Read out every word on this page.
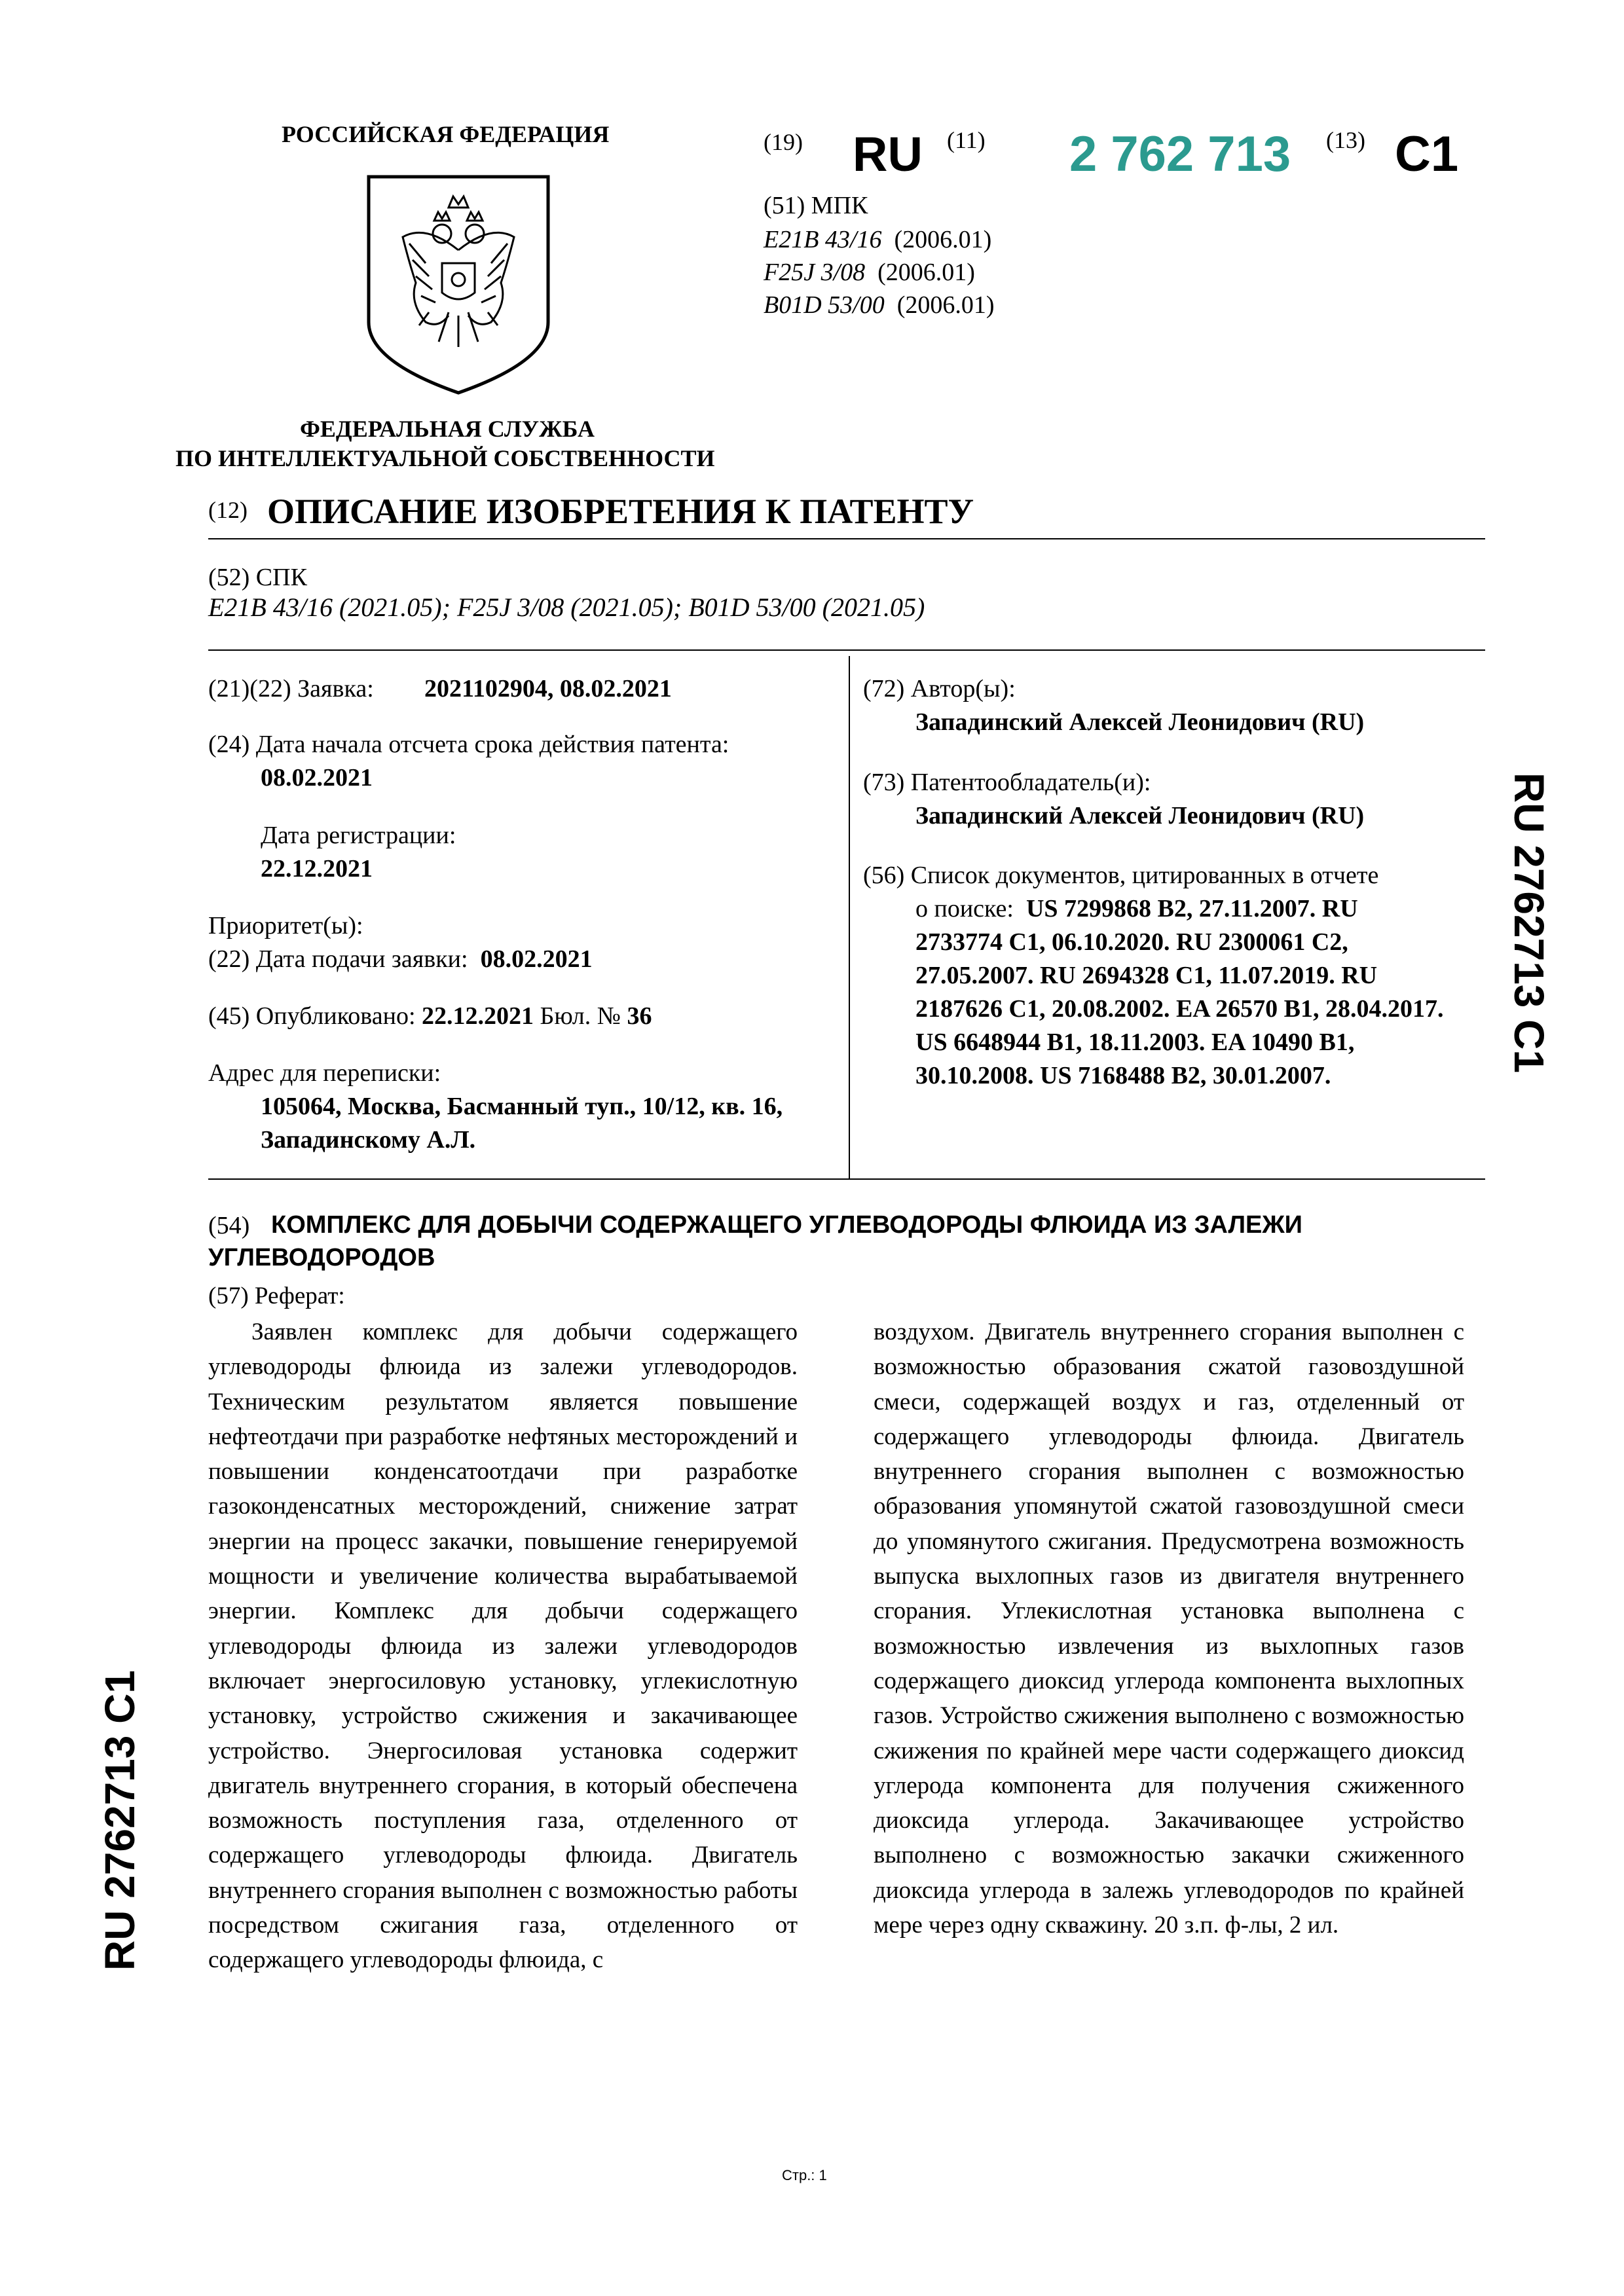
РОССИЙСКАЯ ФЕДЕРАЦИЯ
ФЕДЕРАЛЬНАЯ СЛУЖБА
ПО ИНТЕЛЛЕКТУАЛЬНОЙ СОБСТВЕННОСТИ
(19) RU (11) 2 762 713 (13) C1
(51) МПК
E21B 43/16 (2006.01)
F25J 3/08 (2006.01)
B01D 53/00 (2006.01)
(12) ОПИСАНИЕ ИЗОБРЕТЕНИЯ К ПАТЕНТУ
(52) СПК
E21B 43/16 (2021.05); F25J 3/08 (2021.05); B01D 53/00 (2021.05)
(21)(22) Заявка: 2021102904, 08.02.2021
(24) Дата начала отсчета срока действия патента:
08.02.2021
Дата регистрации:
22.12.2021
Приоритет(ы):
(22) Дата подачи заявки: 08.02.2021
(45) Опубликовано: 22.12.2021 Бюл. № 36
Адрес для переписки:
105064, Москва, Басманный туп., 10/12, кв. 16,
Западинскому А.Л.
(72) Автор(ы):
Западинский Алексей Леонидович (RU)
(73) Патентообладатель(и):
Западинский Алексей Леонидович (RU)
(56) Список документов, цитированных в отчете
о поиске: US 7299868 B2, 27.11.2007. RU
2733774 C1, 06.10.2020. RU 2300061 C2,
27.05.2007. RU 2694328 C1, 11.07.2019. RU
2187626 C1, 20.08.2002. EA 26570 B1, 28.04.2017.
US 6648944 B1, 18.11.2003. EA 10490 B1,
30.10.2008. US 7168488 B2, 30.01.2007.
(54) КОМПЛЕКС ДЛЯ ДОБЫЧИ СОДЕРЖАЩЕГО УГЛЕВОДОРОДЫ ФЛЮИДА ИЗ ЗАЛЕЖИ
УГЛЕВОДОРОДОВ
(57) Реферат:
Заявлен комплекс для добычи содержащего углеводороды флюида из залежи углеводородов. Техническим результатом является повышение нефтеотдачи при разработке нефтяных месторождений и повышении конденсатоотдачи при разработке газоконденсатных месторождений, снижение затрат энергии на процесс закачки, повышение генерируемой мощности и увеличение количества вырабатываемой энергии. Комплекс для добычи содержащего углеводороды флюида из залежи углеводородов включает энергосиловую установку, углекислотную установку, устройство сжижения и закачивающее устройство. Энергосиловая установка содержит двигатель внутреннего сгорания, в который обеспечена возможность поступления газа, отделенного от содержащего углеводороды флюида. Двигатель внутреннего сгорания выполнен с возможностью работы посредством сжигания газа, отделенного от содержащего углеводороды флюида, с
воздухом. Двигатель внутреннего сгорания выполнен с возможностью образования сжатой газовоздушной смеси, содержащей воздух и газ, отделенный от содержащего углеводороды флюида. Двигатель внутреннего сгорания выполнен с возможностью образования упомянутой сжатой газовоздушной смеси до упомянутого сжигания. Предусмотрена возможность выпуска выхлопных газов из двигателя внутреннего сгорания. Углекислотная установка выполнена с возможностью извлечения из выхлопных газов содержащего диоксид углерода компонента выхлопных газов. Устройство сжижения выполнено с возможностью сжижения по крайней мере части содержащего диоксид углерода компонента для получения сжиженного диоксида углерода. Закачивающее устройство выполнено с возможностью закачки сжиженного диоксида углерода в залежь углеводородов по крайней мере через одну скважину. 20 з.п. ф-лы, 2 ил.
RU 2762713 C1
RU 2762713 C1
Стр.: 1
